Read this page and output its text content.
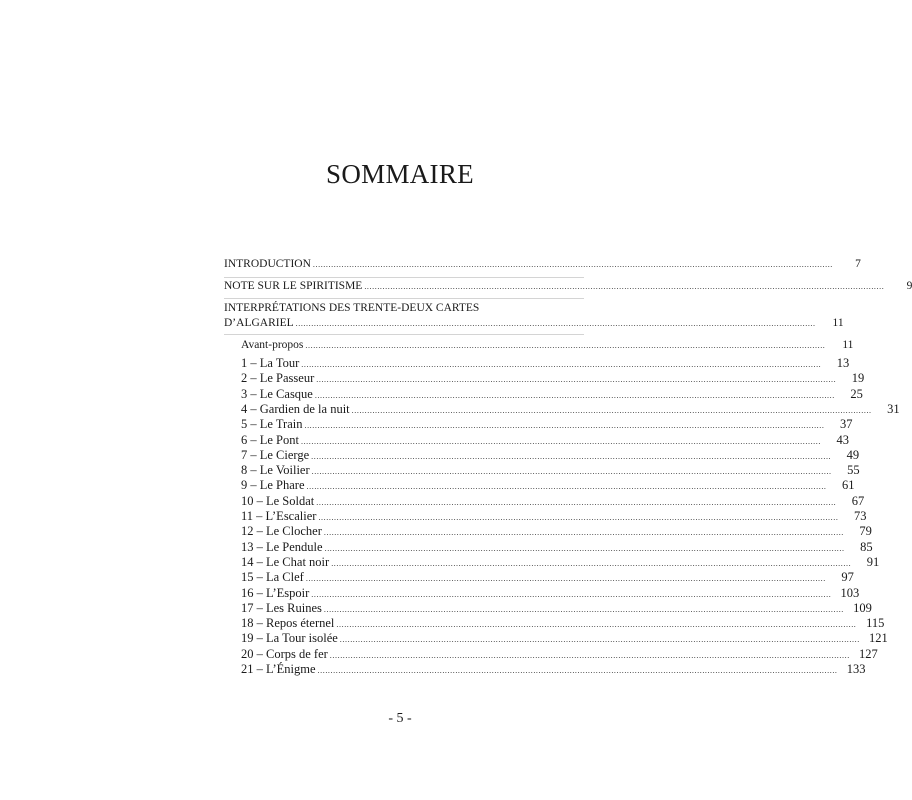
SOMMAIRE
INTRODUCTION ........................................................................................................................................................................................................	7
NOTE SUR LE SPIRITISME ........................................................................................................................................................................................................	9
INTERPRÉTATIONS DES TRENTE-DEUX CARTES
D’ALGARIEL ........................................................................................................................................................................................................	11
Avant-propos ........................................................................................................................................................................................................	11
1 – La Tour ........................................................................................................................................................................................................	13
2 – Le Passeur ........................................................................................................................................................................................................	19
3 – Le Casque ........................................................................................................................................................................................................	25
4 – Gardien de la nuit ........................................................................................................................................................................................................	31
5 – Le Train ........................................................................................................................................................................................................	37
6 – Le Pont ........................................................................................................................................................................................................	43
7 – Le Cierge ........................................................................................................................................................................................................	49
8 – Le Voilier ........................................................................................................................................................................................................	55
9 – Le Phare ........................................................................................................................................................................................................	61
10 – Le Soldat ........................................................................................................................................................................................................	67
11 – L’Escalier ........................................................................................................................................................................................................	73
12 – Le Clocher ........................................................................................................................................................................................................	79
13 – Le Pendule ........................................................................................................................................................................................................	85
14 – Le Chat noir ........................................................................................................................................................................................................	91
15 – La Clef ........................................................................................................................................................................................................	97
16 – L’Espoir ........................................................................................................................................................................................................ 103
17 – Les Ruines ........................................................................................................................................................................................................ 109
18 – Repos éternel ........................................................................................................................................................................................................ 115
19 – La Tour isolée ........................................................................................................................................................................................................ 121
20 – Corps de fer ........................................................................................................................................................................................................ 127
21 – L’Énigme ........................................................................................................................................................................................................ 133
- 5 -
